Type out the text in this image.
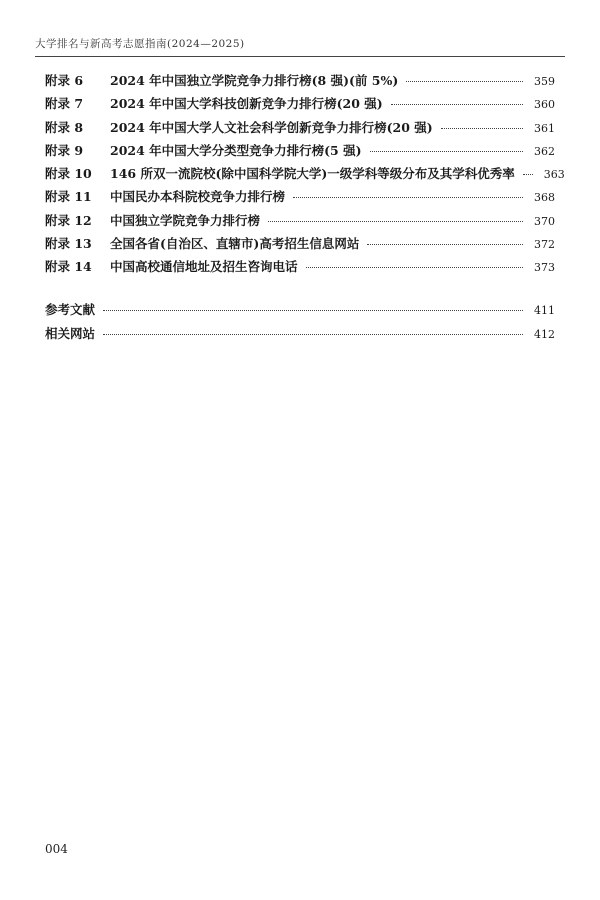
大学排名与新高考志愿指南(2024—2025)
附录 6	2024 年中国独立学院竞争力排行榜(8 强)(前 5%)	359
附录 7	2024 年中国大学科技创新竞争力排行榜(20 强)	360
附录 8	2024 年中国大学人文社会科学创新竞争力排行榜(20 强)	361
附录 9	2024 年中国大学分类型竞争力排行榜(5 强)	362
附录 10	146 所双一流院校(除中国科学院大学)一级学科等级分布及其学科优秀率	363
附录 11	中国民办本科院校竞争力排行榜	368
附录 12	中国独立学院竞争力排行榜	370
附录 13	全国各省(自治区、直辖市)高考招生信息网站	372
附录 14	中国高校通信地址及招生咨询电话	373
参考文献	411
相关网站	412
004
